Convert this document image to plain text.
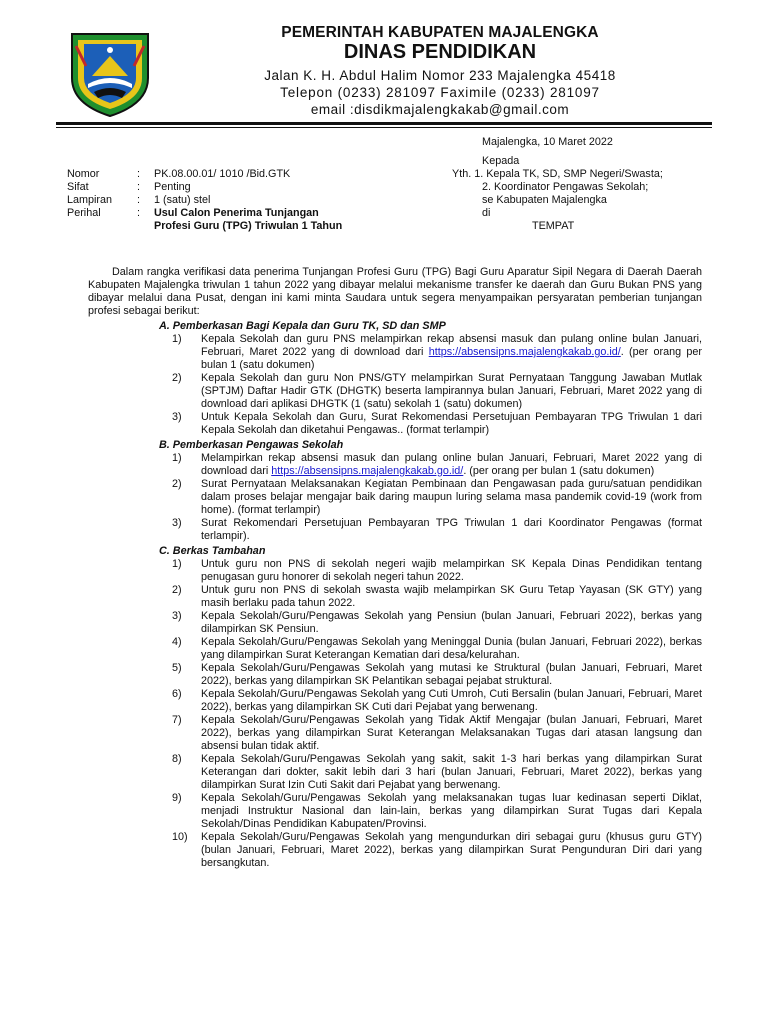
PEMERINTAH KABUPATEN MAJALENGKA
DINAS PENDIDIKAN
Jalan K. H. Abdul Halim Nomor 233 Majalengka 45418
Telepon (0233) 281097 Faximile (0233) 281097
email :disdikmajalengkakab@gmail.com
Majalengka, 10 Maret 2022
Kepada
Nomor	:	PK.08.00.01/ 1010 /Bid.GTK
Sifat	:	Penting
Lampiran	:	1 (satu) stel
Perihal	:	Usul Calon Penerima Tunjangan
Profesi Guru (TPG) Triwulan 1 Tahun
Yth. 1. Kepala TK, SD, SMP Negeri/Swasta;
2. Koordinator Pengawas Sekolah;
se Kabupaten Majalengka
di
TEMPAT
Dalam rangka verifikasi data penerima Tunjangan Profesi Guru (TPG) Bagi Guru Aparatur Sipil Negara di Daerah Daerah Kabupaten Majalengka triwulan 1 tahun 2022 yang dibayar melalui mekanisme transfer ke daerah dan Guru Bukan PNS yang dibayar melalui dana Pusat, dengan ini kami minta Saudara untuk segera menyampaikan persyaratan pemberian tunjangan profesi sebagai berikut:
A. Pemberkasan Bagi Kepala dan Guru TK, SD dan SMP
1)	Kepala Sekolah dan guru PNS melampirkan rekap absensi masuk dan pulang online bulan Januari, Februari, Maret 2022 yang di download dari https://absensipns.majalengkakab.go.id/. (per orang per bulan 1 (satu dokumen)
2)	Kepala Sekolah dan guru Non PNS/GTY melampirkan Surat Pernyataan Tanggung Jawaban Mutlak (SPTJM) Daftar Hadir GTK (DHGTK) beserta lampirannya bulan Januari, Februari, Maret 2022 yang di download dari aplikasi DHGTK (1 (satu) sekolah 1 (satu) dokumen)
3)	Untuk Kepala Sekolah dan Guru, Surat Rekomendasi Persetujuan Pembayaran TPG Triwulan 1 dari Kepala Sekolah dan diketahui Pengawas.. (format terlampir)
B. Pemberkasan Pengawas Sekolah
1)	Melampirkan rekap absensi masuk dan pulang online bulan Januari, Februari, Maret 2022 yang di download dari https://absensipns.majalengkakab.go.id/. (per orang per bulan 1 (satu dokumen)
2)	Surat Pernyataan Melaksanakan Kegiatan Pembinaan dan Pengawasan pada guru/satuan pendidikan dalam proses belajar mengajar baik daring maupun luring selama masa pandemik covid-19 (work from home). (format terlampir)
3)	Surat Rekomendari Persetujuan Pembayaran TPG Triwulan 1 dari Koordinator Pengawas (format terlampir).
C. Berkas Tambahan
1)	Untuk guru non PNS di sekolah negeri wajib melampirkan SK Kepala Dinas Pendidikan tentang penugasan guru honorer di sekolah negeri tahun 2022.
2)	Untuk guru non PNS di sekolah swasta wajib melampirkan SK Guru Tetap Yayasan (SK GTY) yang masih berlaku pada tahun 2022.
3)	Kepala Sekolah/Guru/Pengawas Sekolah yang Pensiun (bulan Januari, Februari 2022), berkas yang dilampirkan SK Pensiun.
4)	Kepala Sekolah/Guru/Pengawas Sekolah yang Meninggal Dunia (bulan Januari, Februari 2022), berkas yang dilampirkan Surat Keterangan Kematian dari desa/kelurahan.
5)	Kepala Sekolah/Guru/Pengawas Sekolah yang mutasi ke Struktural (bulan Januari, Februari, Maret 2022), berkas yang dilampirkan SK Pelantikan sebagai pejabat struktural.
6)	Kepala Sekolah/Guru/Pengawas Sekolah yang Cuti Umroh, Cuti Bersalin (bulan Januari, Februari, Maret 2022), berkas yang dilampirkan SK Cuti dari Pejabat yang berwenang.
7)	Kepala Sekolah/Guru/Pengawas Sekolah yang Tidak Aktif Mengajar (bulan Januari, Februari, Maret 2022), berkas yang dilampirkan Surat Keterangan Melaksanakan Tugas dari atasan langsung dan absensi bulan tidak aktif.
8)	Kepala Sekolah/Guru/Pengawas Sekolah yang sakit, sakit 1-3 hari berkas yang dilampirkan Surat Keterangan dari dokter, sakit lebih dari 3 hari (bulan Januari, Februari, Maret 2022), berkas yang dilampirkan Surat Izin Cuti Sakit dari Pejabat yang berwenang.
9)	Kepala Sekolah/Guru/Pengawas Sekolah yang melaksanakan tugas luar kedinasan seperti Diklat, menjadi Instruktur Nasional dan lain-lain, berkas yang dilampirkan Surat Tugas dari Kepala Sekolah/Dinas Pendidikan Kabupaten/Provinsi.
10)	Kepala Sekolah/Guru/Pengawas Sekolah yang mengundurkan diri sebagai guru (khusus guru GTY) (bulan Januari, Februari, Maret 2022), berkas yang dilampirkan Surat Pengunduran Diri dari yang bersangkutan.
